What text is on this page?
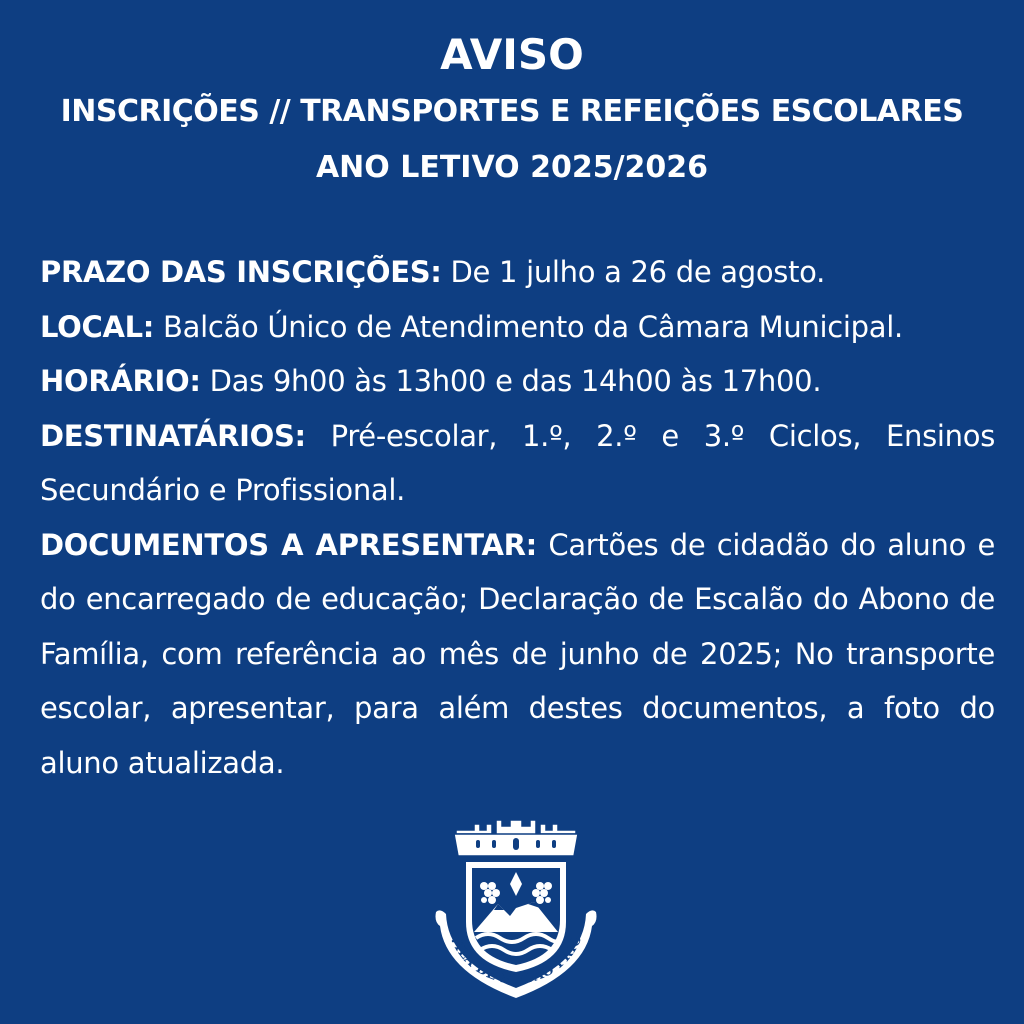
AVISO
INSCRIÇÕES // TRANSPORTES E REFEIÇÕES ESCOLARES
ANO LETIVO 2025/2026

PRAZO DAS INSCRIÇÕES: De 1 julho a 26 de agosto.

LOCAL: Balcão Único de Atendimento da Câmara Municipal.

HORÁRIO: Das 9h00 às 13h00 e das 14h00 às 17h00.

DESTINATÁRIOS: Pré-escolar, 1.º, 2.º e 3.º Ciclos, Ensinos Secundário e Profissional.

DOCUMENTOS A APRESENTAR: Cartões de cidadão do aluno e do encarregado de educação; Declaração de Escalão do Abono de Família, com referência ao mês de junho de 2025; No transporte escolar, apresentar, para além destes documentos, a foto do aluno atualizada.

VILA DE MESÃO FRIO
